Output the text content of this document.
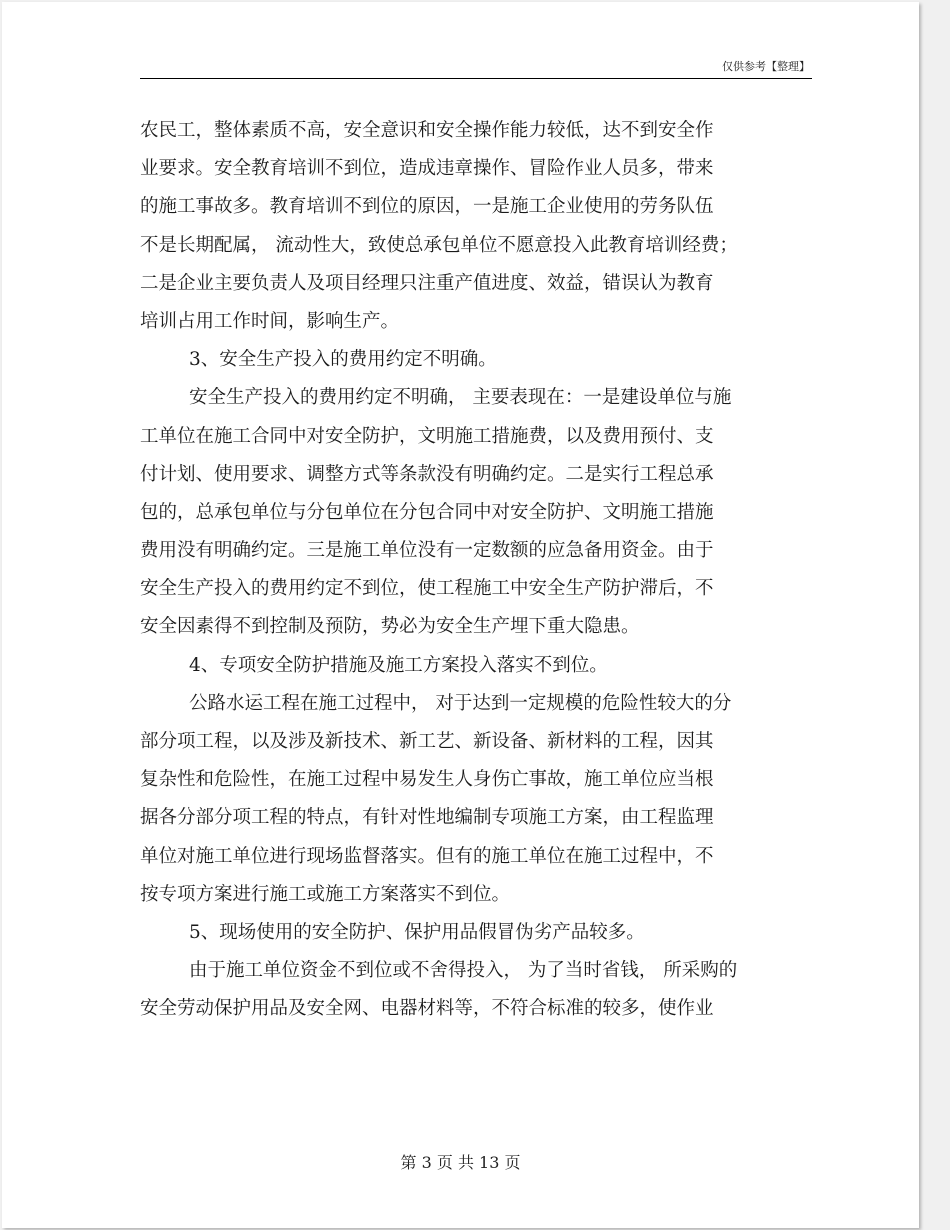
仅供参考【整理】
农民工，整体素质不高，安全意识和安全操作能力较低，达不到安全作
业要求。安全教育培训不到位，造成违章操作、冒险作业人员多，带来
的施工事故多。教育培训不到位的原因，一是施工企业使用的劳务队伍
不是长期配属， 流动性大，致使总承包单位不愿意投入此教育培训经费；
二是企业主要负责人及项目经理只注重产值进度、效益，错误认为教育
培训占用工作时间，影响生产。
3、安全生产投入的费用约定不明确。
安全生产投入的费用约定不明确， 主要表现在：一是建设单位与施
工单位在施工合同中对安全防护，文明施工措施费，以及费用预付、支
付计划、使用要求、调整方式等条款没有明确约定。二是实行工程总承
包的，总承包单位与分包单位在分包合同中对安全防护、文明施工措施
费用没有明确约定。三是施工单位没有一定数额的应急备用资金。由于
安全生产投入的费用约定不到位，使工程施工中安全生产防护滞后，不
安全因素得不到控制及预防，势必为安全生产埋下重大隐患。
4、专项安全防护措施及施工方案投入落实不到位。
公路水运工程在施工过程中， 对于达到一定规模的危险性较大的分
部分项工程，以及涉及新技术、新工艺、新设备、新材料的工程，因其
复杂性和危险性，在施工过程中易发生人身伤亡事故，施工单位应当根
据各分部分项工程的特点，有针对性地编制专项施工方案，由工程监理
单位对施工单位进行现场监督落实。但有的施工单位在施工过程中，不
按专项方案进行施工或施工方案落实不到位。
5、现场使用的安全防护、保护用品假冒伪劣产品较多。
由于施工单位资金不到位或不舍得投入， 为了当时省钱， 所采购的
安全劳动保护用品及安全网、电器材料等，不符合标准的较多，使作业
第 3 页 共 13 页
